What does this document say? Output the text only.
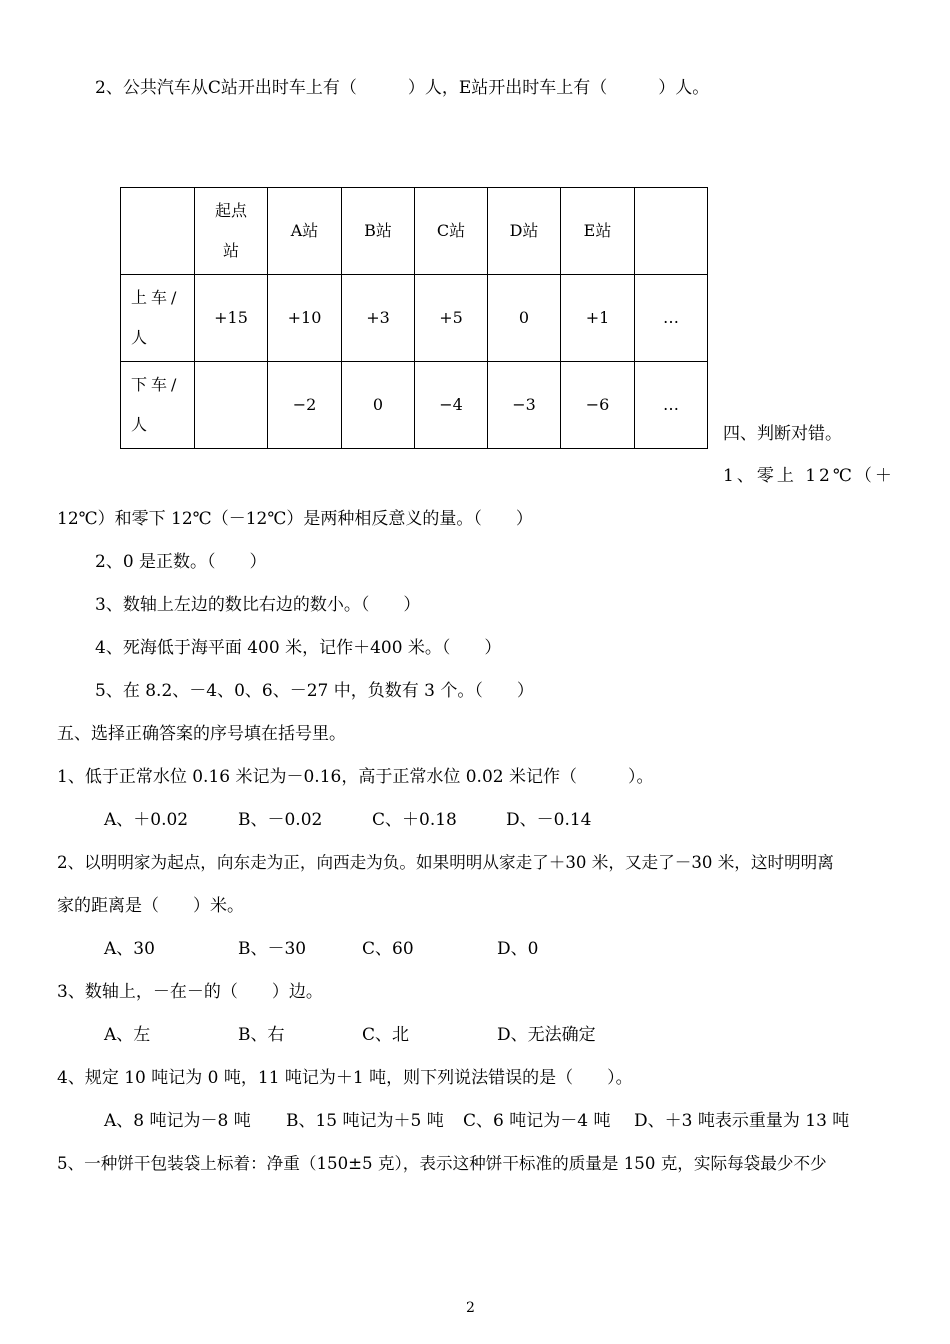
2、公共汽车从C站开出时车上有（　　　）人，E站开出时车上有（　　　）人。

	起点站	A站	B站	C站	D站	E站	

上车/人	+15	+10	+3	+5	0	+1	…

下车/人		−2	0	−4	−3	−6	…
四、判断对错。
1、零上 12℃（＋
12℃）和零下 12℃（－12℃）是两种相反意义的量。（　　）
2、0 是正数。（　　）
3、数轴上左边的数比右边的数小。（　　）
4、死海低于海平面 400 米，记作＋400 米。（　　）
5、在 8.2、－4、0、6、－27 中，负数有 3 个。（　　）
五、选择正确答案的序号填在括号里。
1、低于正常水位 0.16 米记为－0.16，高于正常水位 0.02 米记作（　　　）。
A、＋0.02	B、－0.02	C、＋0.18	D、－0.14
2、以明明家为起点，向东走为正，向西走为负。如果明明从家走了＋30 米，又走了－30 米，这时明明离
家的距离是（　　）米。
A、30	B、－30	C、60	D、0
3、数轴上，－在－的（　　）边。
A、左	B、右	C、北	D、无法确定
4、规定 10 吨记为 0 吨，11 吨记为＋1 吨，则下列说法错误的是（　　）。
A、8 吨记为－8 吨 B、15 吨记为＋5 吨 C、6 吨记为－4 吨 D、＋3 吨表示重量为 13 吨
5、一种饼干包装袋上标着：净重（150±5 克），表示这种饼干标准的质量是 150 克，实际每袋最少不少
2
